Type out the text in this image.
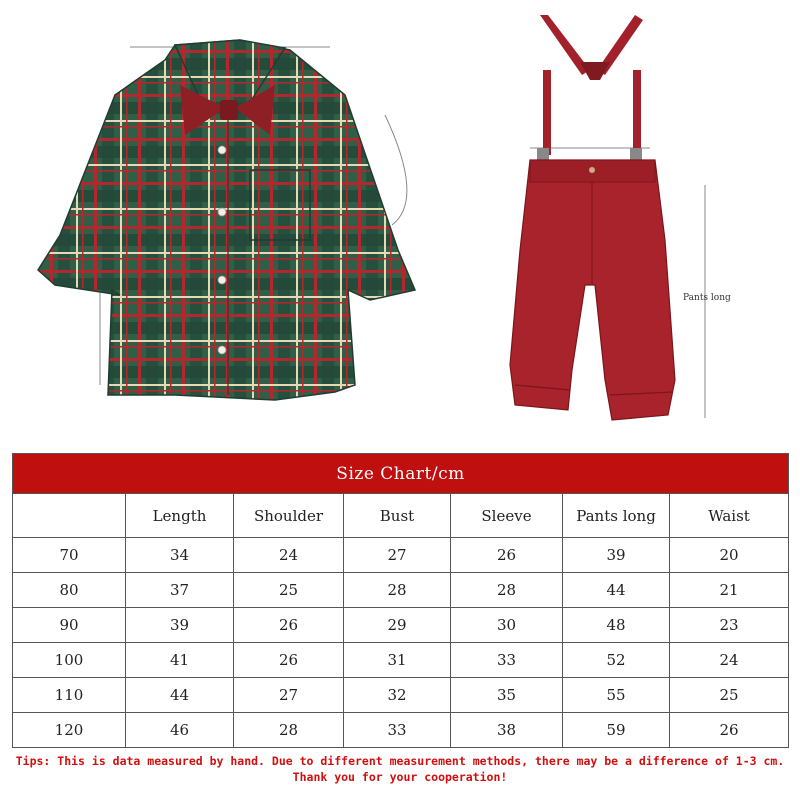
Pants long
Size Chart/cm						
	Length	Shoulder	Bust	Sleeve	Pants long	Waist
70	34	24	27	26	39	20
80	37	25	28	28	44	21
90	39	26	29	30	48	23
100	41	26	31	33	52	24
110	44	27	32	35	55	25
120	46	28	33	38	59	26
Tips: This is data measured by hand. Due to different measurement methods, there may be a difference of 1-3 cm. Thank you for your cooperation!
